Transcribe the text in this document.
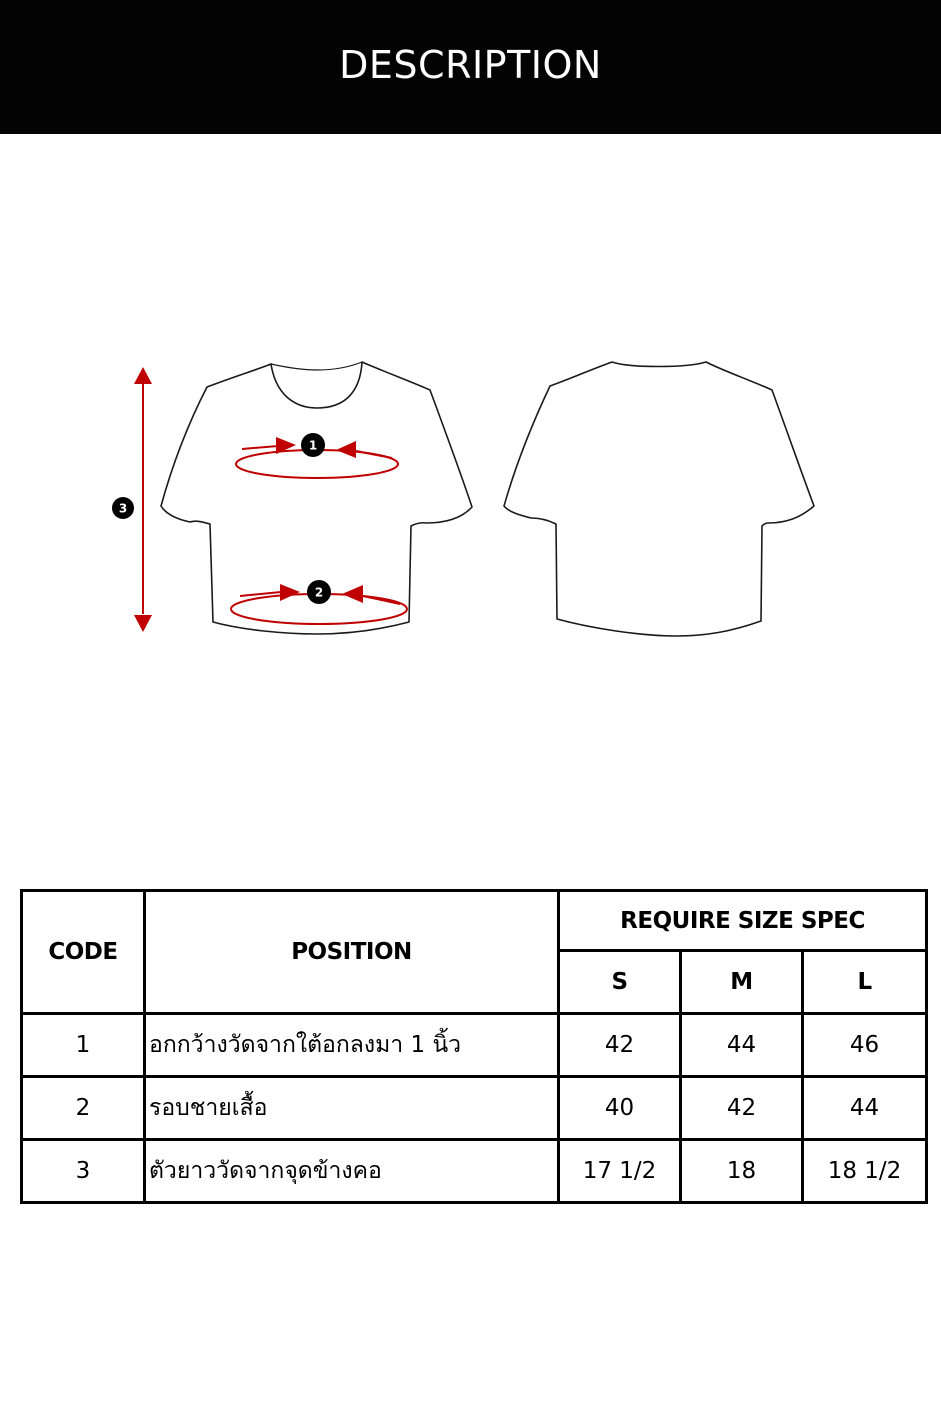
DESCRIPTION
1
2
3
CODE	POSITION	REQUIRE SIZE SPEC		
		S	M	L
1	อกกว้างวัดจากใต้อกลงมา 1 นิ้ว	42	44	46
2	รอบชายเสื้อ	40	42	44
3	ตัวยาววัดจากจุดข้างคอ	17 1/2	18	18 1/2
